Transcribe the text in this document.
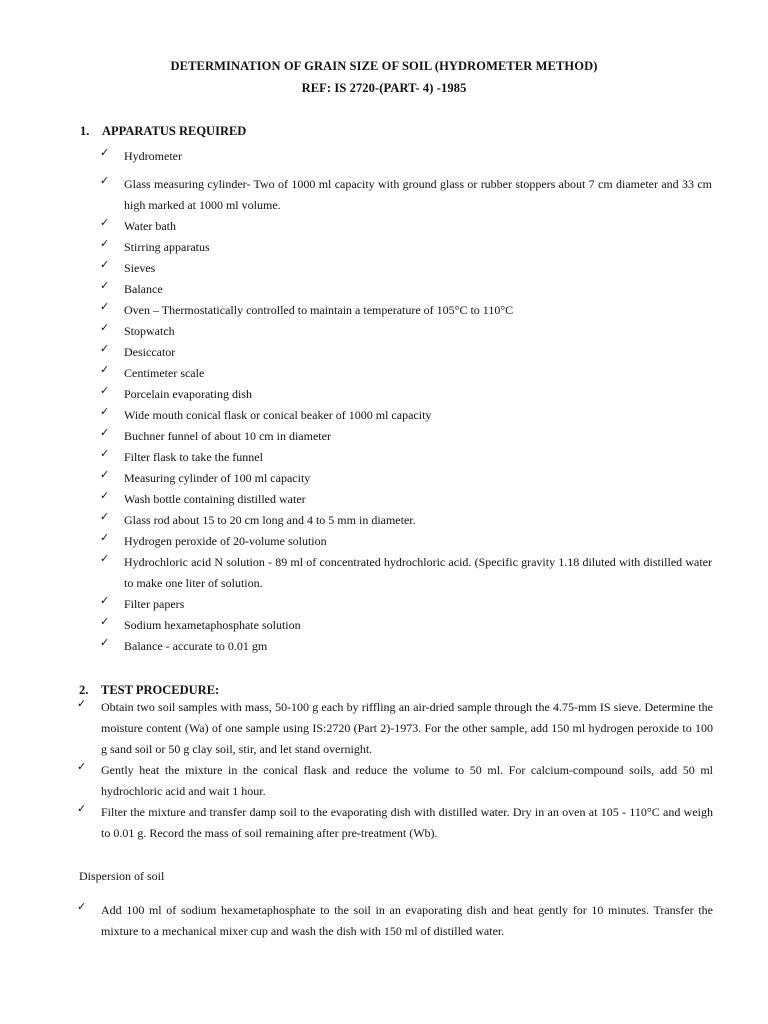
DETERMINATION OF GRAIN SIZE OF SOIL (HYDROMETER METHOD)
REF: IS 2720-(PART- 4) -1985
1. APPARATUS REQUIRED
✓	Hydrometer
✓	Glass measuring cylinder- Two of 1000 ml capacity with ground glass or rubber stoppers about 7 cm diameter and 33 cm high marked at 1000 ml volume.
✓	Water bath
✓	Stirring apparatus
✓	Sieves
✓	Balance
✓	Oven – Thermostatically controlled to maintain a temperature of 105°C to 110°C
✓	Stopwatch
✓	Desiccator
✓	Centimeter scale
✓	Porcelain evaporating dish
✓	Wide mouth conical flask or conical beaker of 1000 ml capacity
✓	Buchner funnel of about 10 cm in diameter
✓	Filter flask to take the funnel
✓	Measuring cylinder of 100 ml capacity
✓	Wash bottle containing distilled water
✓	Glass rod about 15 to 20 cm long and 4 to 5 mm in diameter.
✓	Hydrogen peroxide of 20-volume solution
✓	Hydrochloric acid N solution - 89 ml of concentrated hydrochloric acid. (Specific gravity 1.18 diluted with distilled water to make one liter of solution.
✓	Filter papers
✓	Sodium hexametaphosphate solution
✓	Balance - accurate to 0.01 gm
2. TEST PROCEDURE:
✓ Obtain two soil samples with mass, 50-100 g each by riffling an air-dried sample through the 4.75-mm IS sieve. Determine the moisture content (Wa) of one sample using IS:2720 (Part 2)-1973. For the other sample, add 150 ml hydrogen peroxide to 100 g sand soil or 50 g clay soil, stir, and let stand overnight.
✓ Gently heat the mixture in the conical flask and reduce the volume to 50 ml. For calcium-compound soils, add 50 ml hydrochloric acid and wait 1 hour.
✓ Filter the mixture and transfer damp soil to the evaporating dish with distilled water. Dry in an oven at 105 - 110°C and weigh to 0.01 g. Record the mass of soil remaining after pre-treatment (Wb).
Dispersion of soil
✓ Add 100 ml of sodium hexametaphosphate to the soil in an evaporating dish and heat gently for 10 minutes. Transfer the mixture to a mechanical mixer cup and wash the dish with 150 ml of distilled water.
